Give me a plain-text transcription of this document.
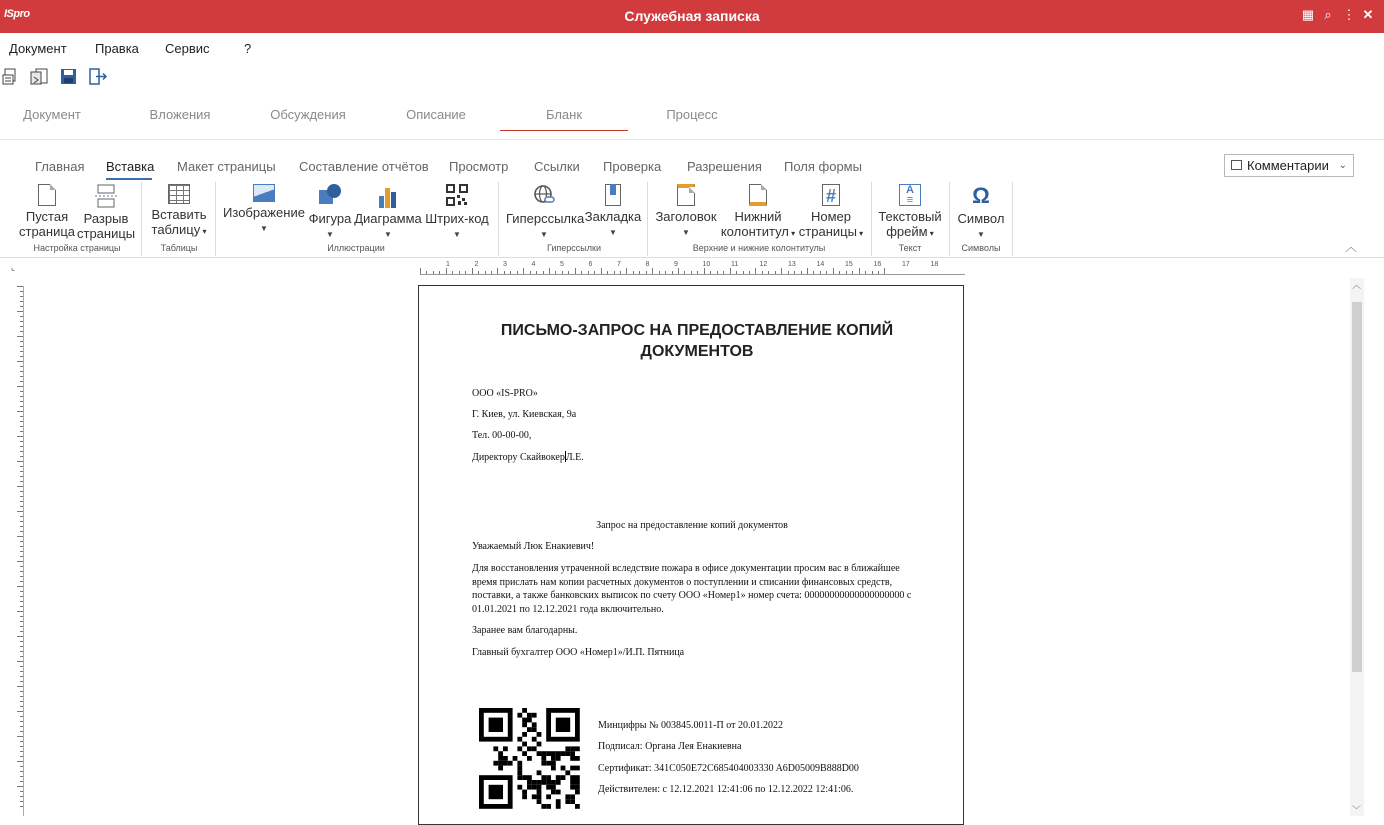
ISpro	Служебная записка	▦ ⌕ ⋮ ✕
Документ Правка Сервис	?
Документ	Вложения	Обсуждения	Описание	Бланк	Процесс
Главная Вставка Макет страницы Составление отчётов Просмотр Ссылки Проверка Разрешения Поля формы	Комментарии ⌄
Пустая
страница
Разрыв
страницы
Настройка страницы
Вставить
таблицу ▾
Таблицы
Изображение
▼
Фигура
▼
Диаграмма
▼
Штрих-код
▼
Иллюстрации
Гиперссылка
▼
Закладка
▼
Гиперссылки
Заголовок
▼
Нижний
колонтитул ▾
#
Номер
страницы ▾
Верхние и нижние колонтитулы
A
≡
Текстовый
фрейм ▾
Текст
Ω
Символ
▼
Символы	︿
⌞	1	2	3	4	5	6	7	8	9	10	11	12	13	14	15	16	17	18
︿
﹀
ПИСЬМО-ЗАПРОС НА ПРЕДОСТАВЛЕНИЕ КОПИЙ ДОКУМЕНТОВ
ООО «IS-PRO»
Г. Киев, ул. Киевская, 9а
Тел. 00-00-00,
Директору СкайвокерЛ.Е.
Запрос на предоставление копий документов
Уважаемый Люк Енакиевич!
Для восстановления утраченной вследствие пожара в офисе документации просим вас в ближайшее время прислать нам копии расчетных документов о поступлении и списании финансовых средств, поставки, а также банковских выписок по счету ООО «Номер1» номер счета: 00000000000000000000 с 01.01.2021 по 12.12.2021 года включительно.
Заранее вам благодарны.
Главный бухгалтер ООО «Номер1»/И.П. Пятница
Минцифры № 003845.0011-П от 20.01.2022
Подписал: Органа Лея Енакиевна
Сертификат: 341C050E72C685404003330 A6D05009B888D00
Действителен: с 12.12.2021 12:41:06 по 12.12.2022 12:41:06.
